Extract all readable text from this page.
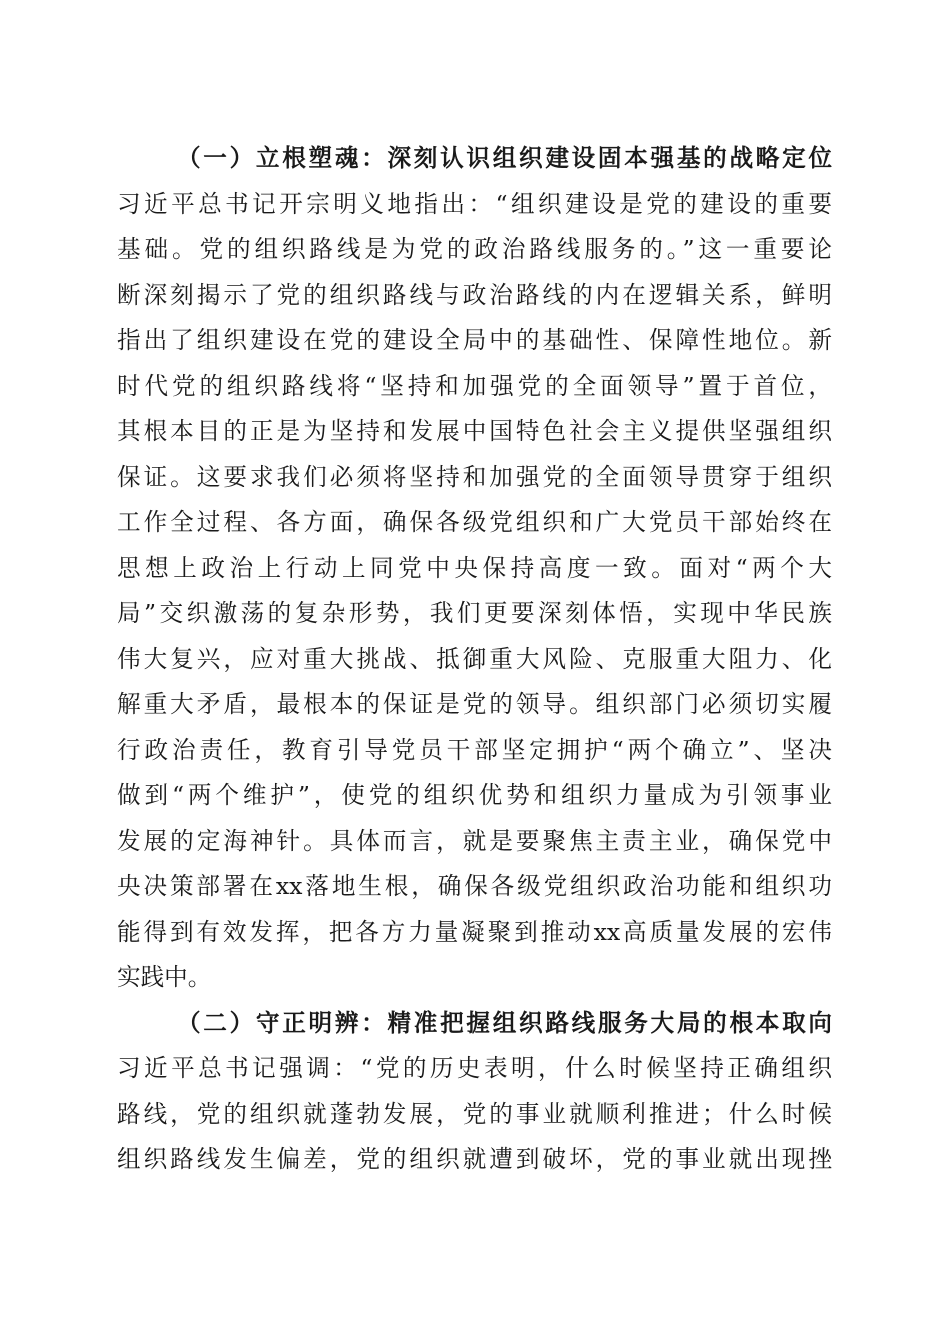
（一）立根塑魂：深刻认识组织建设固本强基的战略定位
习近平总书记开宗明义地指出：“组织建设是党的建设的重要
基础。党的组织路线是为党的政治路线服务的。”这一重要论
断深刻揭示了党的组织路线与政治路线的内在逻辑关系，鲜明
指出了组织建设在党的建设全局中的基础性、保障性地位。新
时代党的组织路线将“坚持和加强党的全面领导”置于首位，
其根本目的正是为坚持和发展中国特色社会主义提供坚强组织
保证。这要求我们必须将坚持和加强党的全面领导贯穿于组织
工作全过程、各方面，确保各级党组织和广大党员干部始终在
思想上政治上行动上同党中央保持高度一致。面对“两个大
局”交织激荡的复杂形势，我们更要深刻体悟，实现中华民族
伟大复兴，应对重大挑战、抵御重大风险、克服重大阻力、化
解重大矛盾，最根本的保证是党的领导。组织部门必须切实履
行政治责任，教育引导党员干部坚定拥护“两个确立”、坚决
做到“两个维护”，使党的组织优势和组织力量成为引领事业
发展的定海神针。具体而言，就是要聚焦主责主业，确保党中
央决策部署在xx落地生根，确保各级党组织政治功能和组织功
能得到有效发挥，把各方力量凝聚到推动xx高质量发展的宏伟
实践中。
（二）守正明辨：精准把握组织路线服务大局的根本取向
习近平总书记强调：“党的历史表明，什么时候坚持正确组织
路线，党的组织就蓬勃发展，党的事业就顺利推进；什么时候
组织路线发生偏差，党的组织就遭到破坏，党的事业就出现挫
